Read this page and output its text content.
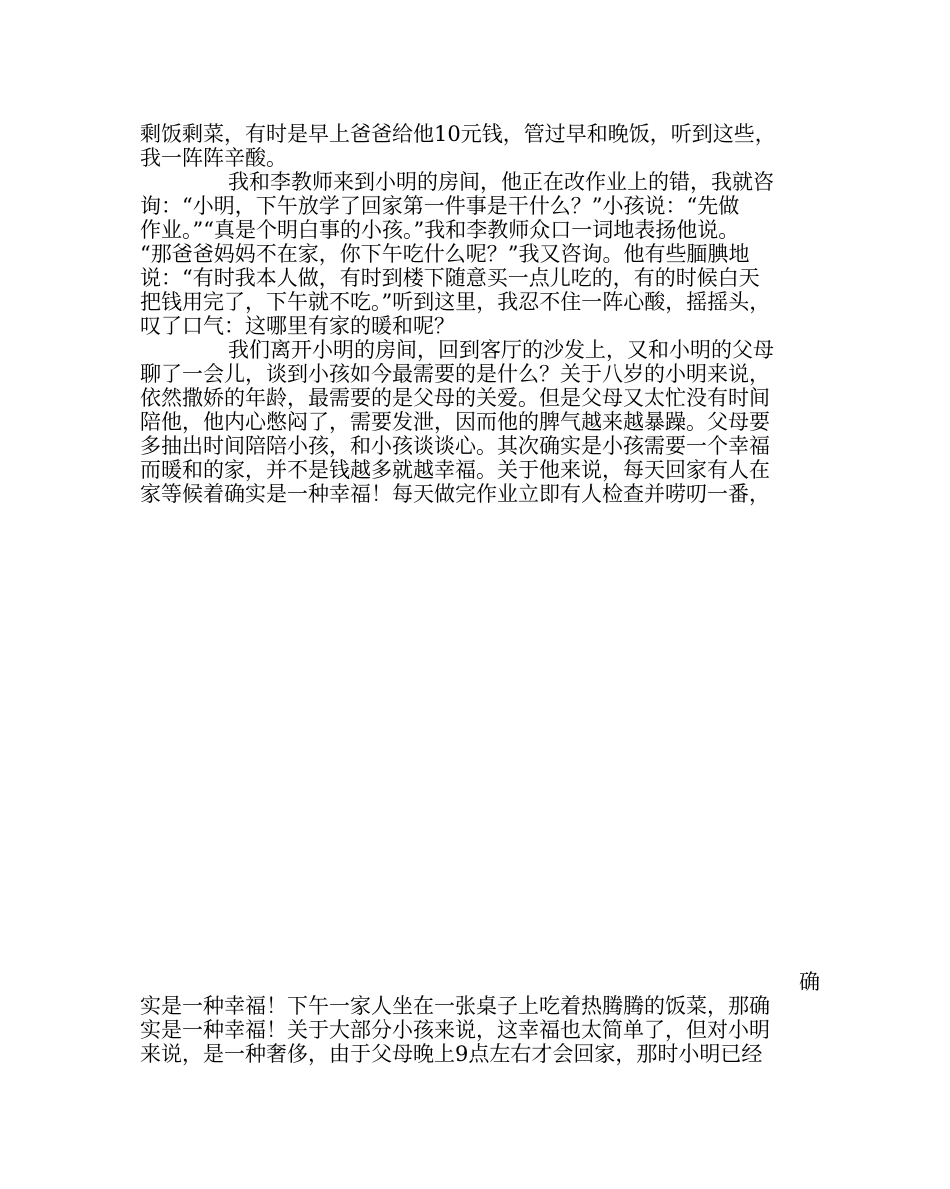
剩饭剩菜，有时是早上爸爸给他10元钱，管过早和晚饭，听到这些，
我一阵阵辛酸。
我和李教师来到小明的房间，他正在改作业上的错，我就咨
询：“小明，下午放学了回家第一件事是干什么？”小孩说：“先做
作业。”“真是个明白事的小孩。”我和李教师众口一词地表扬他说。
“那爸爸妈妈不在家，你下午吃什么呢？”我又咨询。他有些腼腆地
说：“有时我本人做，有时到楼下随意买一点儿吃的，有的时候白天
把钱用完了，下午就不吃。”听到这里，我忍不住一阵心酸，摇摇头，
叹了口气：这哪里有家的暖和呢？
我们离开小明的房间，回到客厅的沙发上，又和小明的父母
聊了一会儿，谈到小孩如今最需要的是什么？关于八岁的小明来说，
依然撒娇的年龄，最需要的是父母的关爱。但是父母又太忙没有时间
陪他，他内心憋闷了，需要发泄，因而他的脾气越来越暴躁。父母要
多抽出时间陪陪小孩，和小孩谈谈心。其次确实是小孩需要一个幸福
而暖和的家，并不是钱越多就越幸福。关于他来说，每天回家有人在
家等候着确实是一种幸福！每天做完作业立即有人检查并唠叨一番，
确
实是一种幸福！下午一家人坐在一张桌子上吃着热腾腾的饭菜，那确
实是一种幸福！关于大部分小孩来说，这幸福也太简单了，但对小明
来说，是一种奢侈，由于父母晚上9点左右才会回家，那时小明已经
